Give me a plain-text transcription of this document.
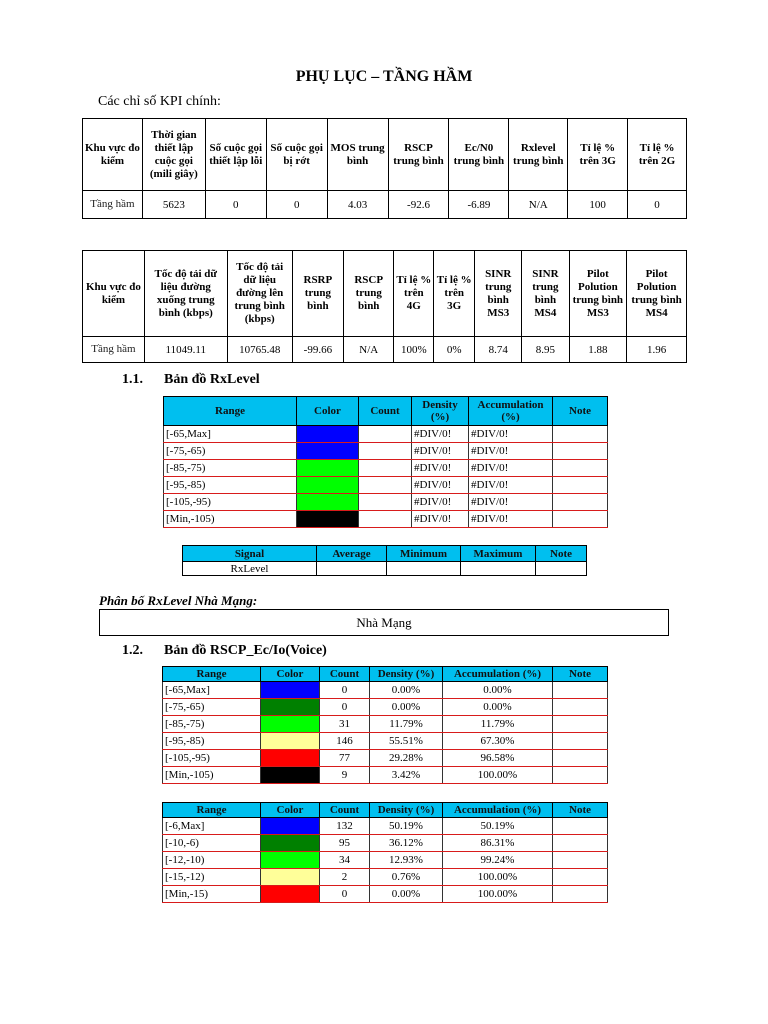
PHỤ LỤC – TẦNG HẦM
Các chỉ số KPI chính:
Khu vực đo kiểm	Thời gian thiết lập cuộc gọi (mili giây)	Số cuộc gọi thiết lập lỗi	Số cuộc gọi bị rớt	MOS trung bình	RSCP trung bình	Ec/N0 trung bình	Rxlevel trung bình	Tỉ lệ % trên 3G	Tỉ lệ % trên 2G
Tầng hầm	5623	0	0	4.03	-92.6	-6.89	N/A	100	0
Khu vực đo kiểm	Tốc độ tải dữ liệu đường xuống trung bình (kbps)	Tốc độ tải dữ liệu đường lên trung bình (kbps)	RSRP trung bình	RSCP trung bình	Tỉ lệ % trên 4G	Tỉ lệ % trên 3G	SINR trung bình MS3	SINR trung bình MS4	Pilot Polution trung bình MS3	Pilot Polution trung bình MS4
Tầng hầm	11049.11	10765.48	-99.66	N/A	100%	0%	8.74	8.95	1.88	1.96
1.1. Bản đồ RxLevel
Range	Color	Count	Density (%)	Accumulation (%)	Note
[-65,Max]			#DIV/0!	#DIV/0!	
[-75,-65)			#DIV/0!	#DIV/0!	
[-85,-75)			#DIV/0!	#DIV/0!	
[-95,-85)			#DIV/0!	#DIV/0!	
[-105,-95)			#DIV/0!	#DIV/0!	
[Min,-105)			#DIV/0!	#DIV/0!	
Signal	Average	Minimum	Maximum	Note
RxLevel				
Phân bố RxLevel Nhà Mạng:
Nhà Mạng
1.2. Bản đồ RSCP_Ec/Io(Voice)
Range	Color	Count	Density (%)	Accumulation (%)	Note
[-65,Max]		0	0.00%	0.00%	
[-75,-65)		0	0.00%	0.00%	
[-85,-75)		31	11.79%	11.79%	
[-95,-85)		146	55.51%	67.30%	
[-105,-95)		77	29.28%	96.58%	
[Min,-105)		9	3.42%	100.00%	
Range	Color	Count	Density (%)	Accumulation (%)	Note
[-6,Max]		132	50.19%	50.19%	
[-10,-6)		95	36.12%	86.31%	
[-12,-10)		34	12.93%	99.24%	
[-15,-12)		2	0.76%	100.00%	
[Min,-15)		0	0.00%	100.00%	
